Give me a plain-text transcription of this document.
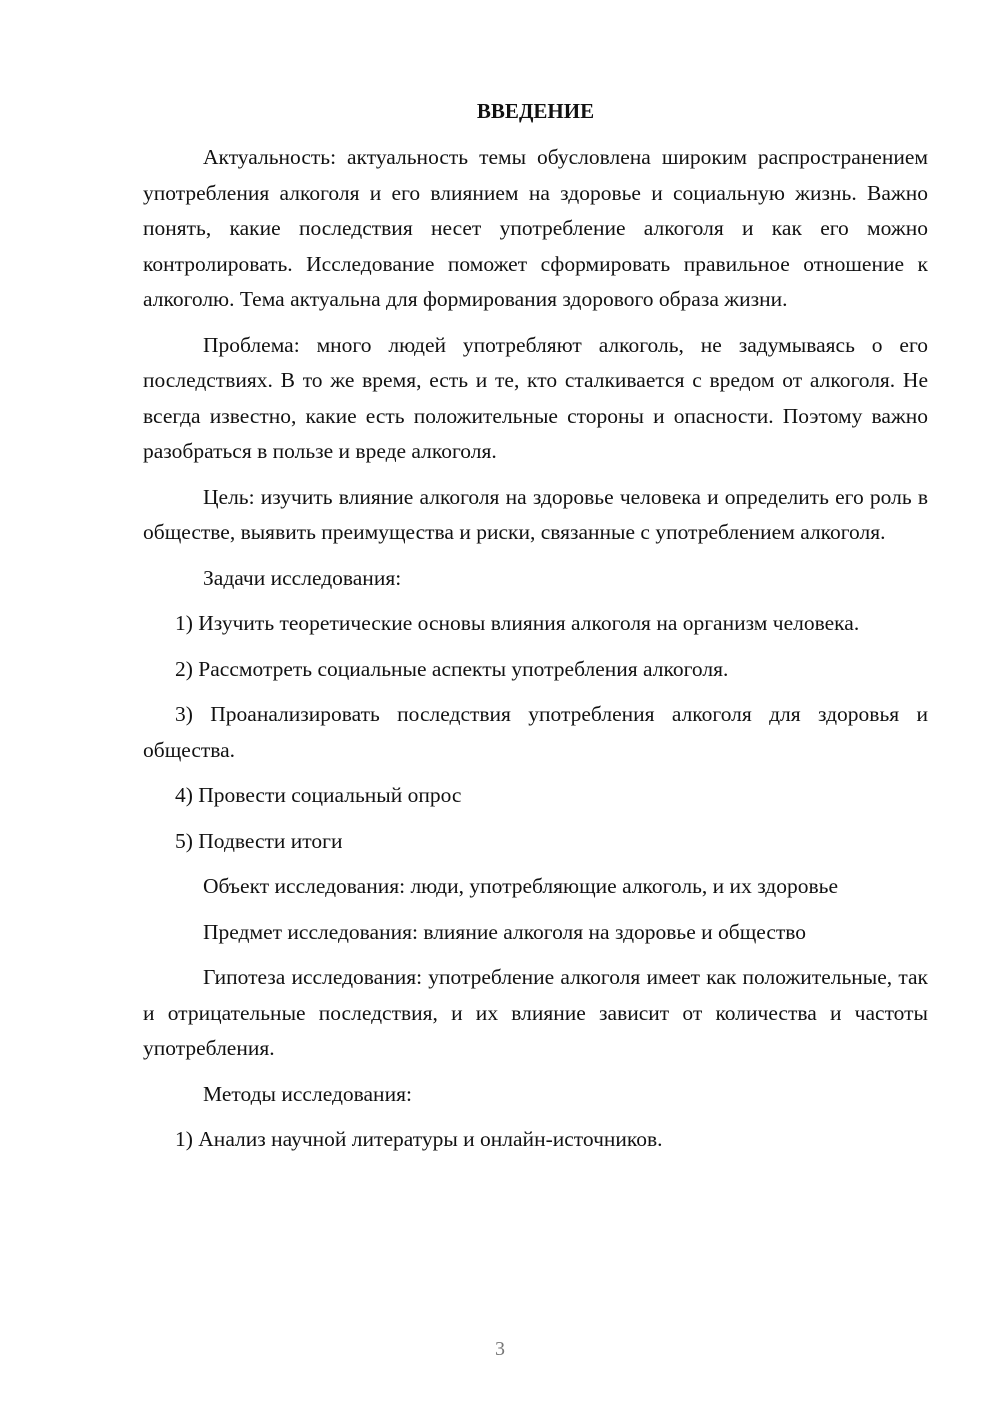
ВВЕДЕНИЕ

Актуальность: актуальность темы обусловлена широким распространением употребления алкоголя и его влиянием на здоровье и социальную жизнь. Важно понять, какие последствия несет употребление алкоголя и как его можно контролировать. Исследование поможет сформировать правильное отношение к алкоголю. Тема актуальна для формирования здорового образа жизни.

Проблема: много людей употребляют алкоголь, не задумываясь о его последствиях. В то же время, есть и те, кто сталкивается с вредом от алкоголя. Не всегда известно, какие есть положительные стороны и опасности. Поэтому важно разобраться в пользе и вреде алкоголя.

Цель: изучить влияние алкоголя на здоровье человека и определить его роль в обществе, выявить преимущества и риски, связанные с употреблением алкоголя.

Задачи исследования:

1) Изучить теоретические основы влияния алкоголя на организм человека.

2) Рассмотреть социальные аспекты употребления алкоголя.

3) Проанализировать последствия употребления алкоголя для здоровья и общества.

4) Провести социальный опрос

5) Подвести итоги

Объект исследования: люди, употребляющие алкоголь, и их здоровье

Предмет исследования: влияние алкоголя на здоровье и общество

Гипотеза исследования: употребление алкоголя имеет как положительные, так и отрицательные последствия, и их влияние зависит от количества и частоты употребления.

Методы исследования:

1) Анализ научной литературы и онлайн-источников.

3
